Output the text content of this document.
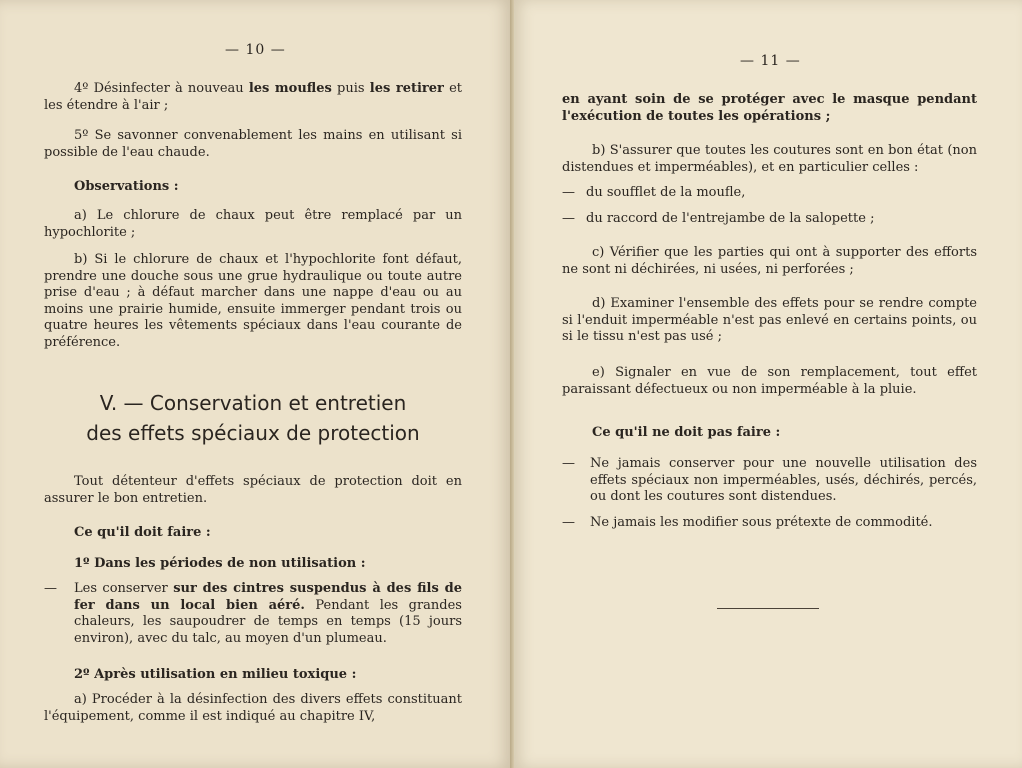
— 10 —

4º Désinfecter à nouveau les moufles puis les retirer et les étendre à l'air ;

5º Se savonner convenablement les mains en utilisant si possible de l'eau chaude.

Observations :

a) Le chlorure de chaux peut être remplacé par un hypochlorite ;

b) Si le chlorure de chaux et l'hypochlorite font défaut, prendre une douche sous une grue hydraulique ou toute autre prise d'eau ; à défaut marcher dans une nappe d'eau ou au moins une prairie humide, ensuite immerger pendant trois ou quatre heures les vêtements spéciaux dans l'eau courante de préférence.

V. — Conservation et entretien
des effets spéciaux de protection

Tout détenteur d'effets spéciaux de protection doit en assurer le bon entretien.

Ce qu'il doit faire :

1º Dans les périodes de non utilisation :

—	Les conserver sur des cintres suspendus à des fils de fer dans un local bien aéré. Pendant les grandes chaleurs, les saupoudrer de temps en temps (15 jours environ), avec du talc, au moyen d'un plumeau.

2º Après utilisation en milieu toxique :

a) Procéder à la désinfection des divers effets constituant l'équipement, comme il est indiqué au chapitre IV,

— 11 —

en ayant soin de se protéger avec le masque pendant l'exécution de toutes les opérations ;

b) S'assurer que toutes les coutures sont en bon état (non distendues et imperméables), et en particulier celles :

— du soufflet de la moufle,

— du raccord de l'entrejambe de la salopette ;

c) Vérifier que les parties qui ont à supporter des efforts ne sont ni déchirées, ni usées, ni perforées ;

d) Examiner l'ensemble des effets pour se rendre compte si l'enduit imperméable n'est pas enlevé en certains points, ou si le tissu n'est pas usé ;

e) Signaler en vue de son remplacement, tout effet paraissant défectueux ou non imperméable à la pluie.

Ce qu'il ne doit pas faire :

—	Ne jamais conserver pour une nouvelle utilisation des effets spéciaux non imperméables, usés, déchirés, percés, ou dont les coutures sont distendues.

—	Ne jamais les modifier sous prétexte de commodité.
